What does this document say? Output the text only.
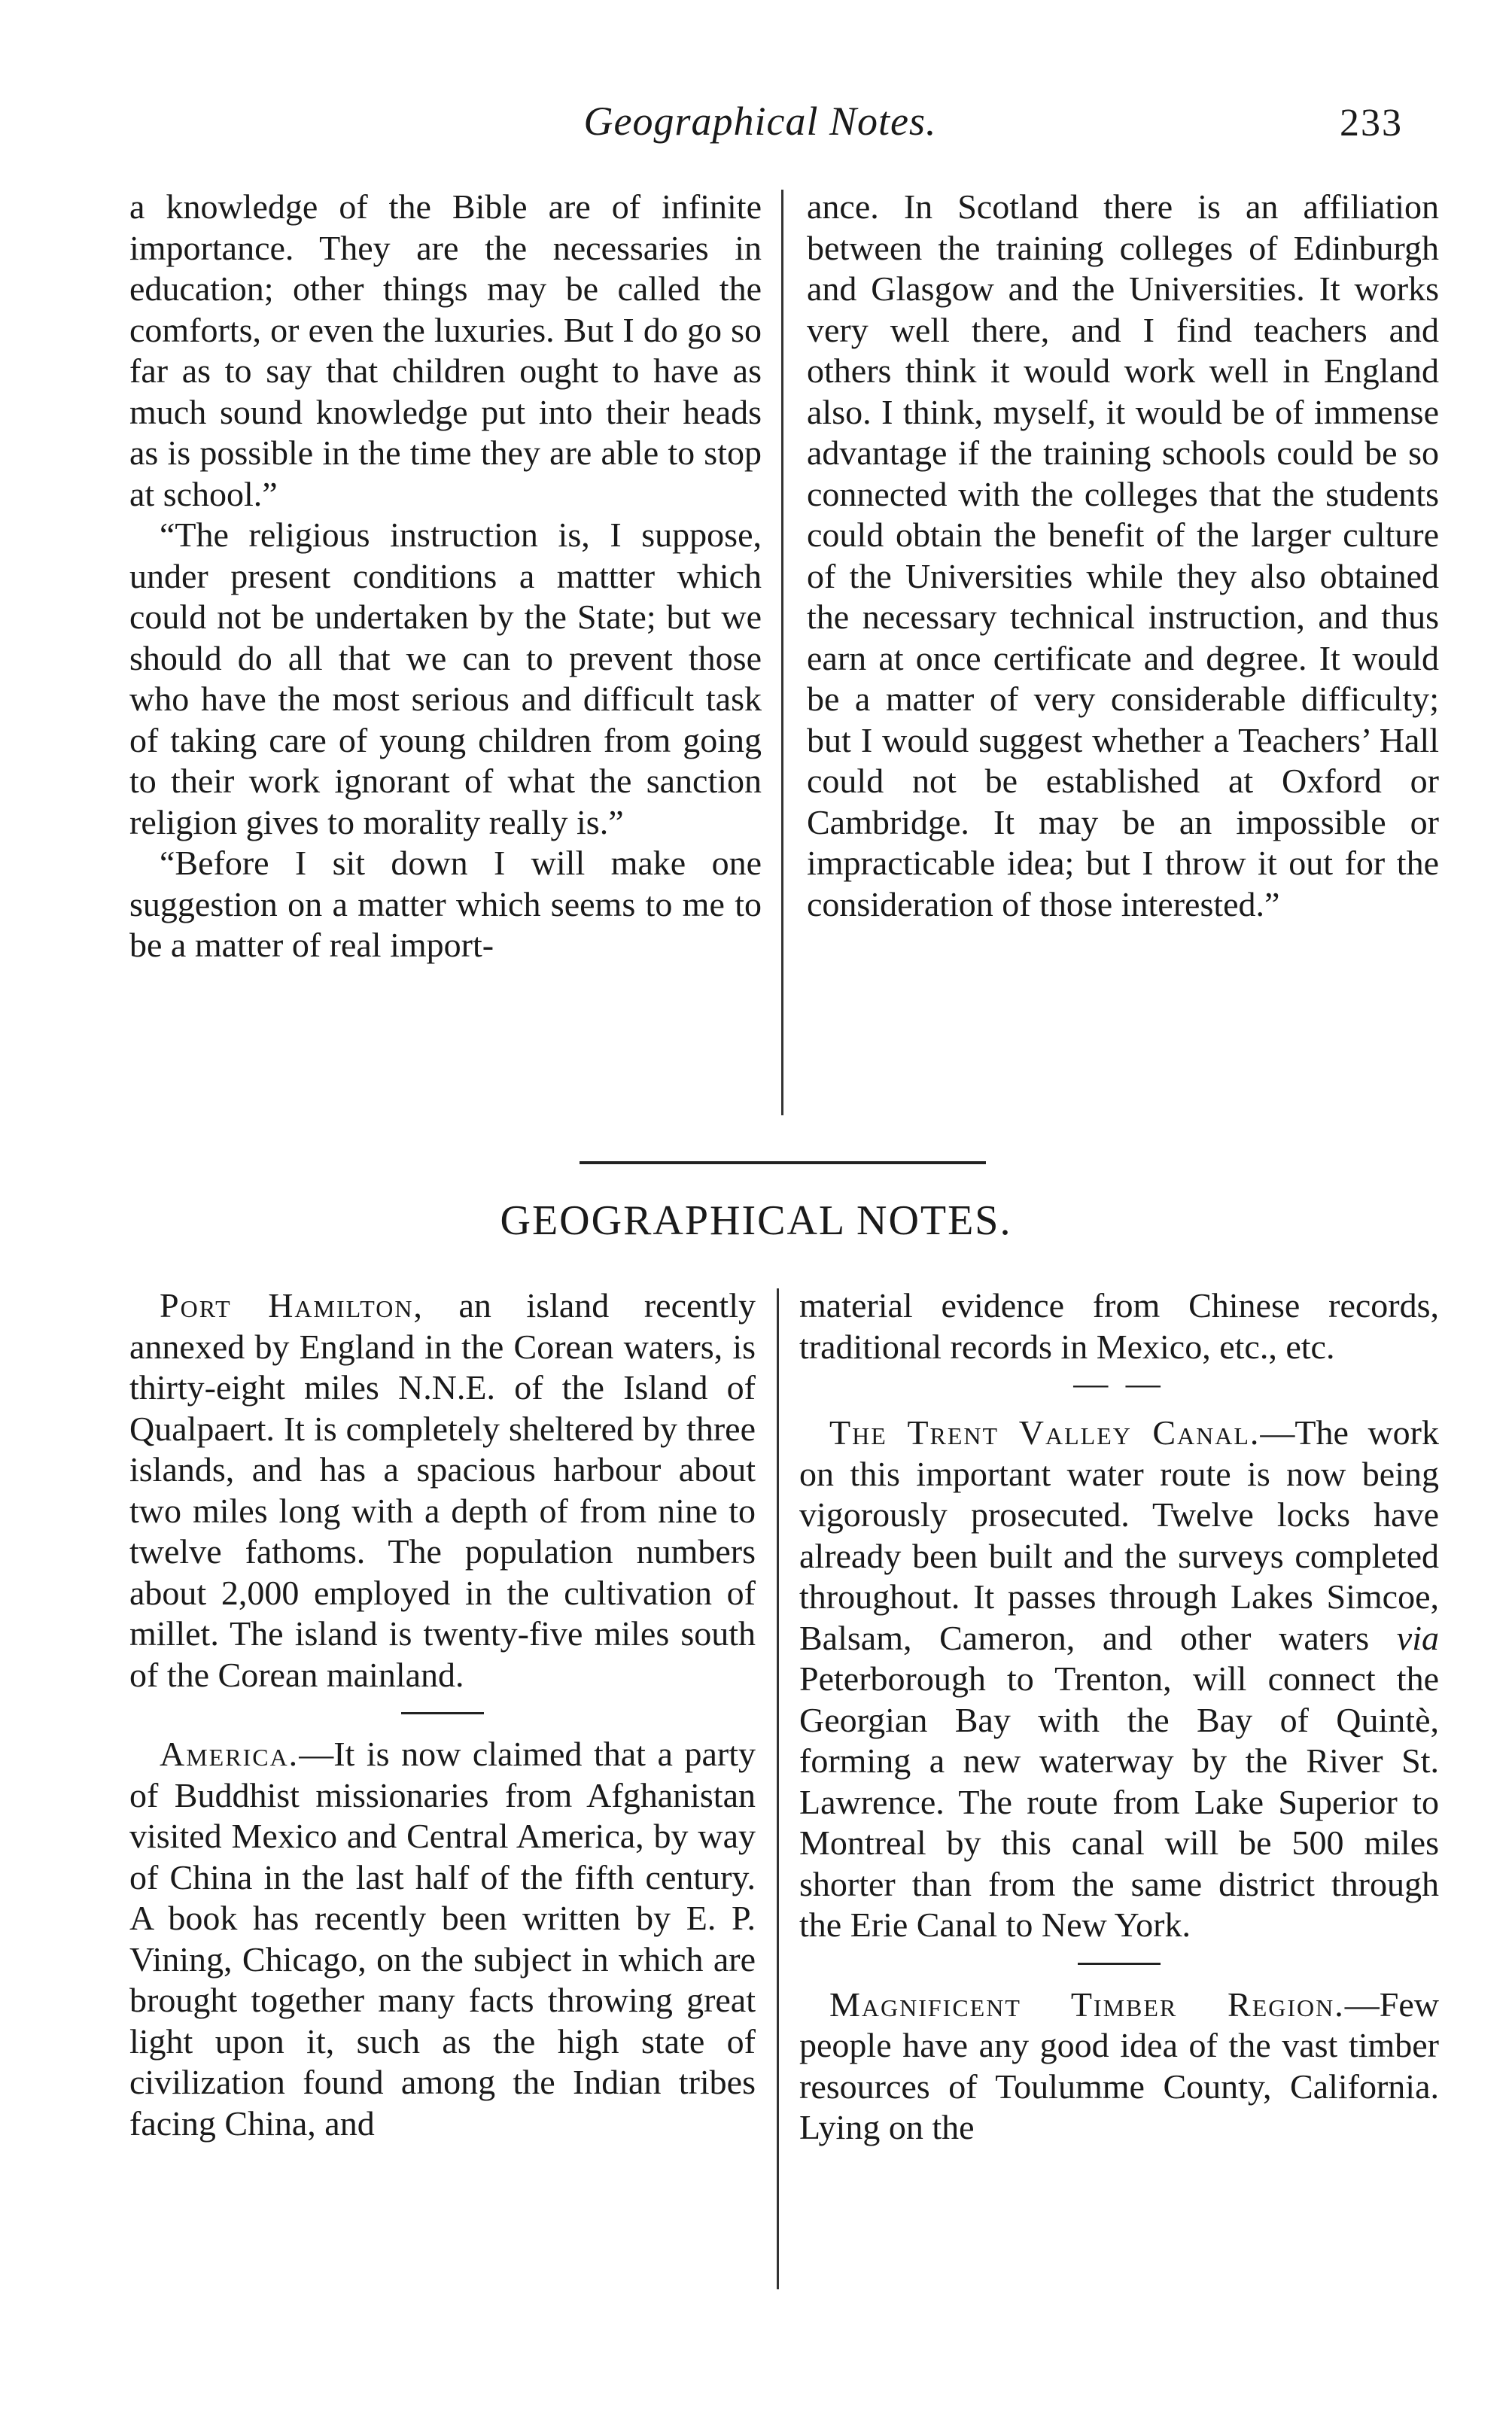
Geographical Notes.	233

a knowledge of the Bible are of infinite importance. They are the necessaries in education; other things may be called the comforts, or even the luxuries. But I do go so far as to say that children ought to have as much sound knowledge put into their heads as is possible in the time they are able to stop at school.”

“The religious instruction is, I suppose, under present conditions a mattter which could not be undertaken by the State; but we should do all that we can to prevent those who have the most serious and difficult task of taking care of young children from going to their work ignorant of what the sanction religion gives to morality really is.”

“Before I sit down I will make one suggestion on a matter which seems to me to be a matter of real import-

ance. In Scotland there is an affiliation between the training colleges of Edinburgh and Glasgow and the Universities. It works very well there, and I find teachers and others think it would work well in England also. I think, myself, it would be of immense advantage if the training schools could be so connected with the colleges that the students could obtain the benefit of the larger culture of the Universities while they also obtained the necessary technical instruction, and thus earn at once certificate and degree. It would be a matter of very considerable difficulty; but I would suggest whether a Teachers’ Hall could not be established at Oxford or Cambridge. It may be an impossible or impracticable idea; but I throw it out for the consideration of those interested.”

GEOGRAPHICAL NOTES.

Port Hamilton, an island recently annexed by England in the Corean waters, is thirty-eight miles N.N.E. of the Island of Qualpaert. It is completely sheltered by three islands, and has a spacious harbour about two miles long with a depth of from nine to twelve fathoms. The population numbers about 2,000 employed in the cultivation of millet. The island is twenty-five miles south of the Corean mainland.

America.—It is now claimed that a party of Buddhist missionaries from Afghanistan visited Mexico and Central America, by way of China in the last half of the fifth century. A book has recently been written by E. P. Vining, Chicago, on the subject in which are brought together many facts throwing great light upon it, such as the high state of civilization found among the Indian tribes facing China, and

material evidence from Chinese records, traditional records in Mexico, etc., etc.

— —

The Trent Valley Canal.—The work on this important water route is now being vigorously prosecuted. Twelve locks have already been built and the surveys completed throughout. It passes through Lakes Simcoe, Balsam, Cameron, and other waters via Peterborough to Trenton, will connect the Georgian Bay with the Bay of Quintè, forming a new waterway by the River St. Lawrence. The route from Lake Superior to Montreal by this canal will be 500 miles shorter than from the same district through the Erie Canal to New York.

Magnificent Timber Region.—Few people have any good idea of the vast timber resources of Toulumme County, California. Lying on the
